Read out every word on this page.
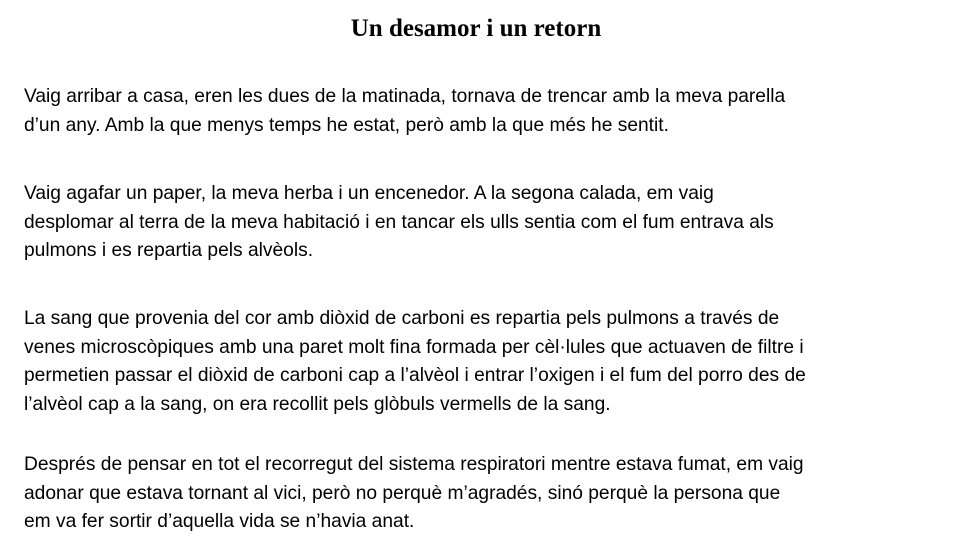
Un desamor i un retorn

Vaig arribar a casa, eren les dues de la matinada, tornava de trencar amb la meva parella
d’un any. Amb la que menys temps he estat, però amb la que més he sentit.

Vaig agafar un paper, la meva herba i un encenedor. A la segona calada, em vaig
desplomar al terra de la meva habitació i en tancar els ulls sentia com el fum entrava als
pulmons i es repartia pels alvèols.

La sang que provenia del cor amb diòxid de carboni es repartia pels pulmons a través de
venes microscòpiques amb una paret molt fina formada per cèl·lules que actuaven de filtre i
permetien passar el diòxid de carboni cap a l’alvèol i entrar l’oxigen i el fum del porro des de
l’alvèol cap a la sang, on era recollit pels glòbuls vermells de la sang.

Després de pensar en tot el recorregut del sistema respiratori mentre estava fumat, em vaig
adonar que estava tornant al vici, però no perquè m’agradés, sinó perquè la persona que
em va fer sortir d’aquella vida se n’havia anat.
